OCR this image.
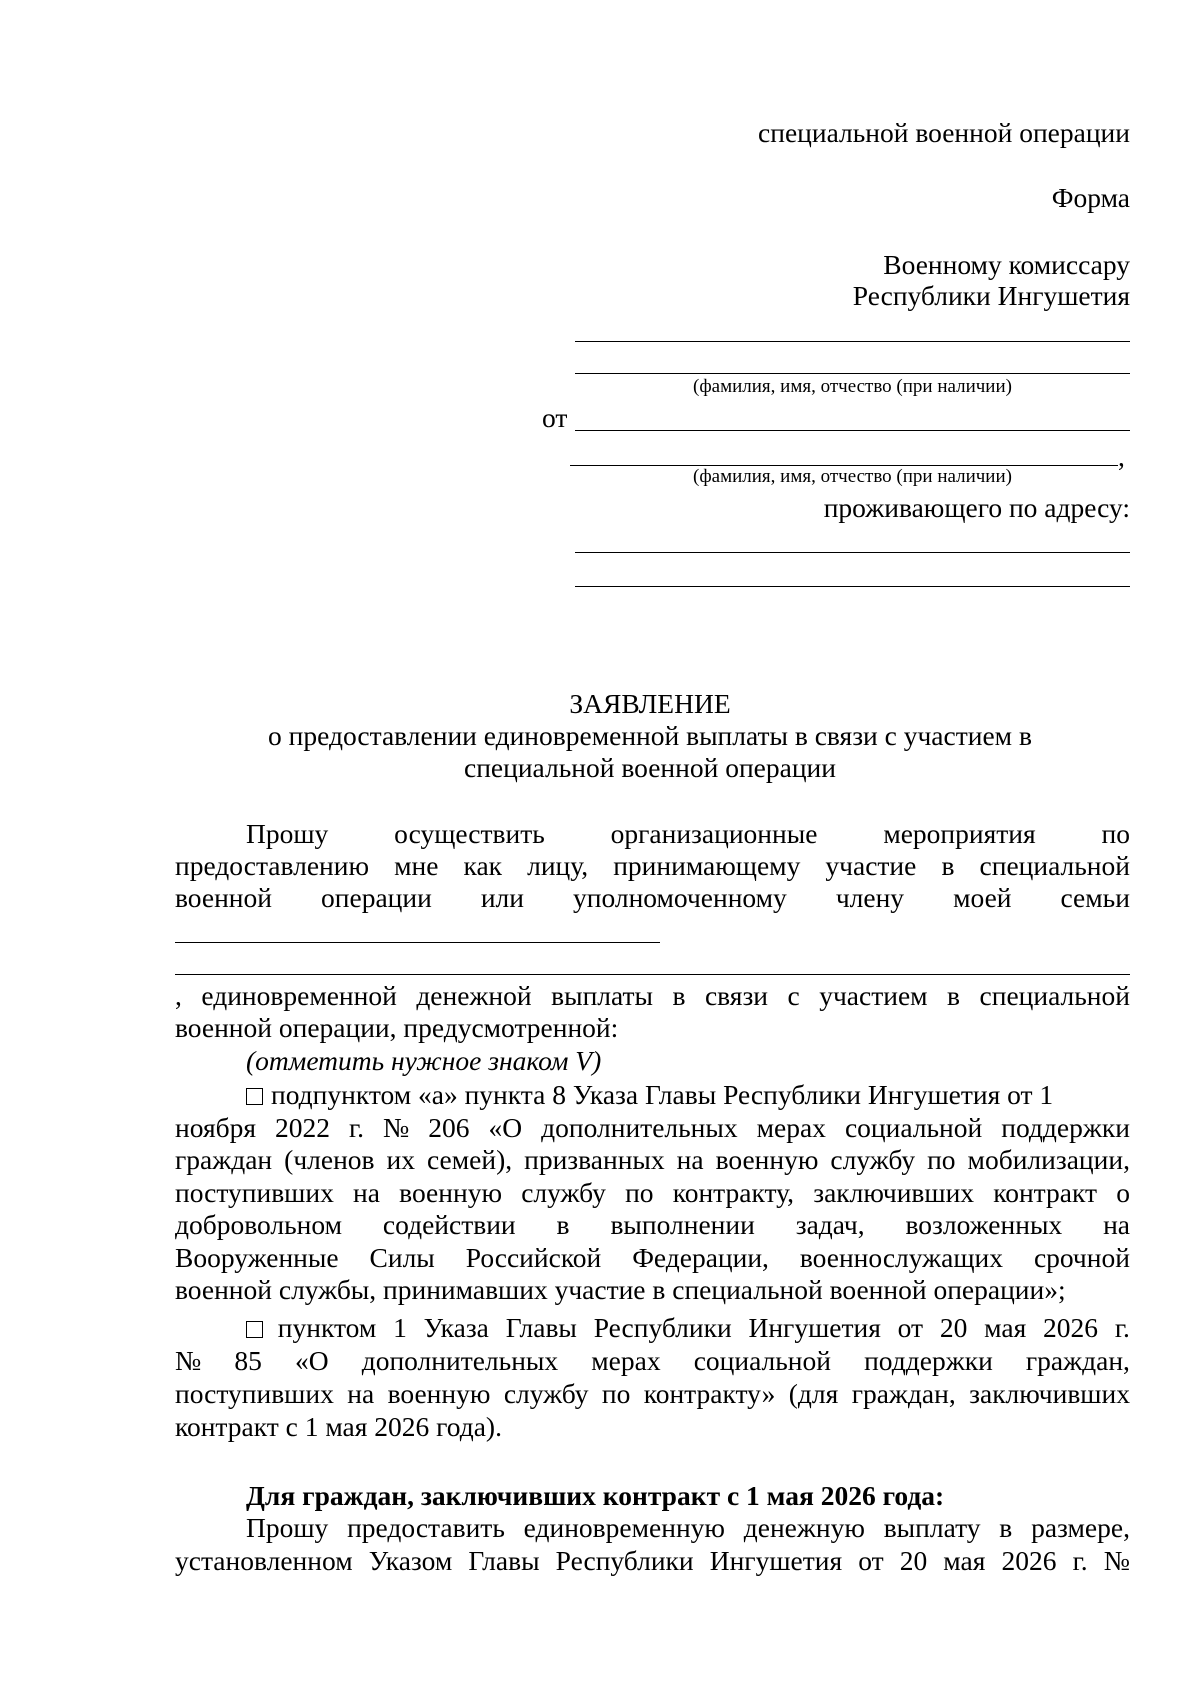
специальной военной операции
Форма
Военному комиссару
Республики Ингушетия
(фамилия, имя, отчество (при наличии)
от
,
(фамилия, имя, отчество (при наличии)
проживающего по адресу:
ЗАЯВЛЕНИЕ
о предоставлении единовременной выплаты в связи с участием в
специальной военной операции
Прошу осуществить организационные мероприятия по
предоставлению мне как лицу, принимающему участие в специальной
военной операции или уполномоченному члену моей семьи
, единовременной денежной выплаты в связи с участием в специальной
военной операции, предусмотренной:
(отметить нужное знаком V)
подпунктом «а» пункта 8 Указа Главы Республики Ингушетия от 1
ноября 2022 г. № 206 «О дополнительных мерах социальной поддержки
граждан (членов их семей), призванных на военную службу по мобилизации,
поступивших на военную службу по контракту, заключивших контракт о
добровольном содействии в выполнении задач, возложенных на
Вооруженные Силы Российской Федерации, военнослужащих срочной
военной службы, принимавших участие в специальной военной операции»;
пунктом 1 Указа Главы Республики Ингушетия от 20 мая 2026 г.
№ 85 «О дополнительных мерах социальной поддержки граждан,
поступивших на военную службу по контракту» (для граждан, заключивших
контракт с 1 мая 2026 года).
Для граждан, заключивших контракт с 1 мая 2026 года:
Прошу предоставить единовременную денежную выплату в размере,
установленном Указом Главы Республики Ингушетия от 20 мая 2026 г. №
